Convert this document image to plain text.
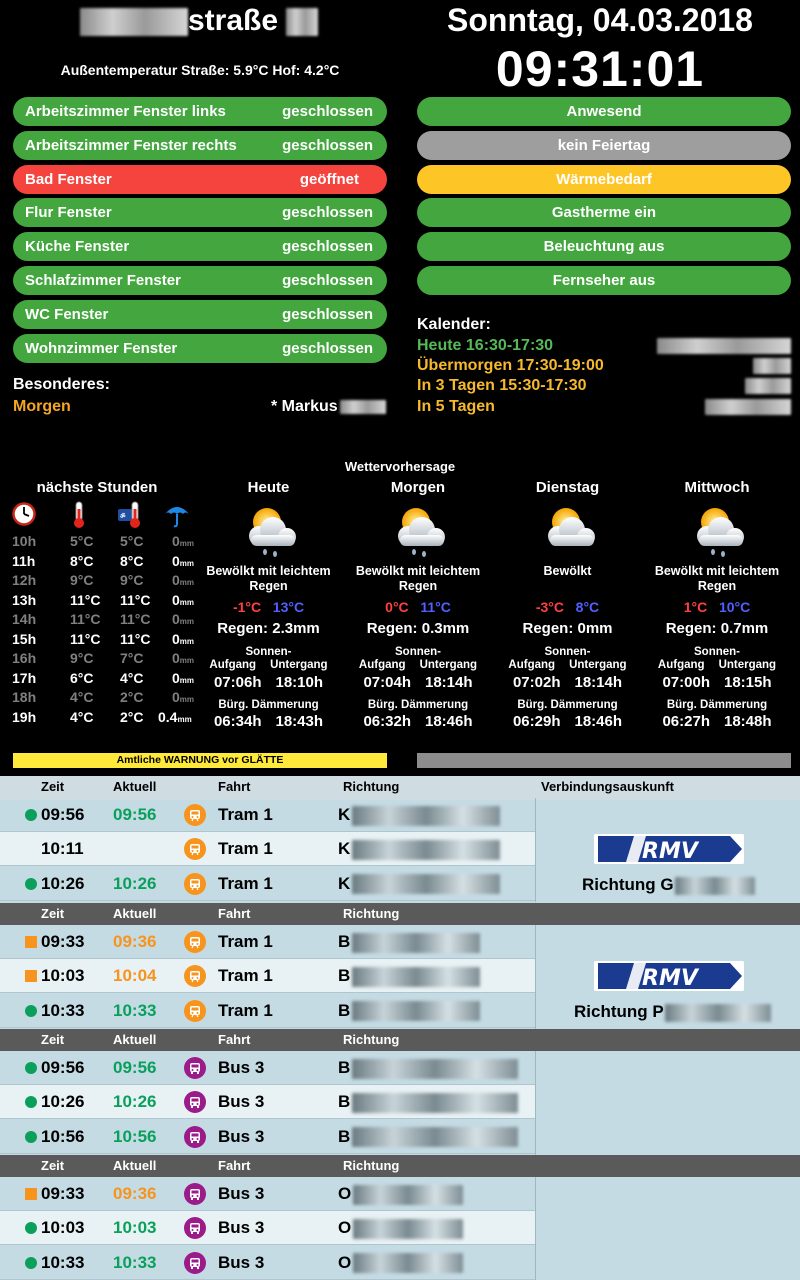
straße
Außentemperatur Straße: 5.9°C Hof: 4.2°C
Sonntag, 04.03.2018
09:31:01
Arbeitszimmer Fenster links	geschlossen
Arbeitszimmer Fenster rechts	geschlossen
Bad Fenster	geöffnet
Flur Fenster	geschlossen
Küche Fenster	geschlossen
Schlafzimmer Fenster	geschlossen
WC Fenster	geschlossen
Wohnzimmer Fenster	geschlossen
Anwesend
kein Feiertag
Wärmebedarf
Gastherme ein
Beleuchtung aus
Fernseher aus
Besonderes:
Morgen	* Markus
Kalender:
Heute 16:30-17:30
Übermorgen 17:30-19:00
In 3 Tagen 15:30-17:30
In 5 Tagen
Wettervorhersage
nächste Stunden
ॐ
10h 5°C 5°C 0mm
11h 8°C 8°C 0mm
12h 9°C 9°C 0mm
13h 11°C 11°C 0mm
14h 11°C 11°C 0mm
15h 11°C 11°C 0mm
16h 9°C 7°C 0mm
17h 6°C 4°C 0mm
18h 4°C 2°C 0mm
19h 4°C 2°C 0.4mm
Heute
Bewölkt mit leichtem Regen
-1°C 13°C
Regen: 2.3mm
Sonnen-
Aufgang Untergang
07:06h 18:10h
Bürg. Dämmerung
06:34h 18:43h
Morgen
Bewölkt mit leichtem Regen
0°C 11°C
Regen: 0.3mm
Sonnen-
Aufgang Untergang
07:04h 18:14h
Bürg. Dämmerung
06:32h 18:46h
Dienstag
Bewölkt
-3°C 8°C
Regen: 0mm
Sonnen-
Aufgang Untergang
07:02h 18:14h
Bürg. Dämmerung
06:29h 18:46h
Mittwoch
Bewölkt mit leichtem Regen
1°C 10°C
Regen: 0.7mm
Sonnen-
Aufgang Untergang
07:00h 18:15h
Bürg. Dämmerung
06:27h 18:48h
Amtliche WARNUNG vor GLÄTTE
Zeit	Aktuell	Fahrt	Richtung	Verbindungsauskunft
09:56 09:56	Tram 1	K
10:11	Tram 1	K
10:26 10:26	Tram 1	K
RMV
Richtung G
Zeit	Aktuell	Fahrt	Richtung
09:33 09:36	Tram 1	B
10:03 10:04	Tram 1	B
10:33 10:33	Tram 1	B
RMV
Richtung P
Zeit	Aktuell	Fahrt	Richtung
09:56 09:56	Bus 3	B
10:26 10:26	Bus 3	B
10:56 10:56	Bus 3	B
Zeit	Aktuell	Fahrt	Richtung
09:33 09:36	Bus 3	O
10:03 10:03	Bus 3	O
10:33 10:33	Bus 3	O
